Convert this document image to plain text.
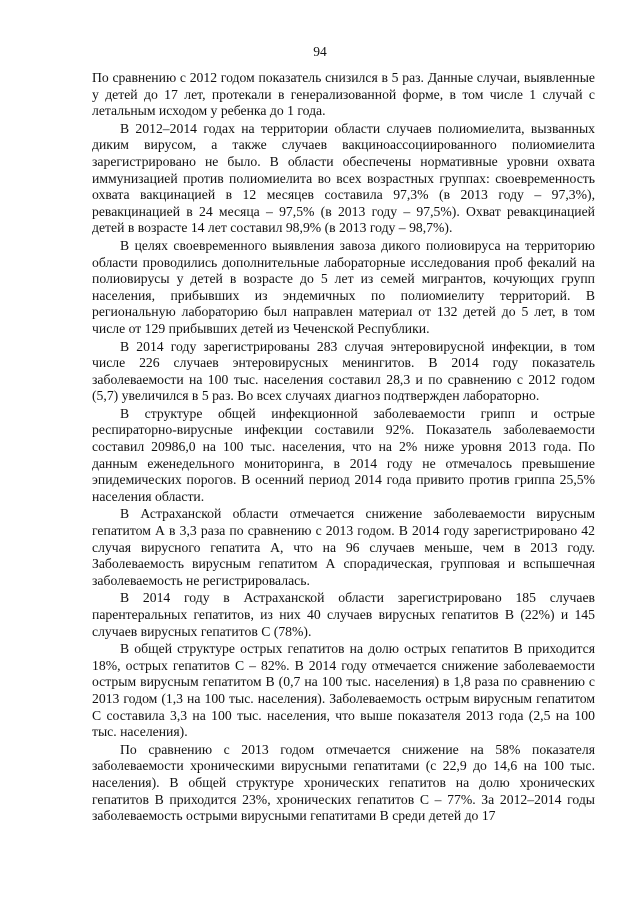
94

По сравнению с 2012 годом показатель снизился в 5 раз. Данные случаи, выявленные у детей до 17 лет, протекали в генерализованной форме, в том числе 1 случай с летальным исходом у ребенка до 1 года.

В 2012–2014 годах на территории области случаев полиомиелита, вызванных диким вирусом, а также случаев вакциноассоциированного полиомиелита зарегистрировано не было. В области обеспечены нормативные уровни охвата иммунизацией против полиомиелита во всех возрастных группах: своевременность охвата вакцинацией в 12 месяцев составила 97,3% (в 2013 году – 97,3%), ревакцинацией в 24 месяца – 97,5% (в 2013 году – 97,5%). Охват ревакцинацией детей в возрасте 14 лет составил 98,9% (в 2013 году – 98,7%).

В целях своевременного выявления завоза дикого полиовируса на территорию области проводились дополнительные лабораторные исследования проб фекалий на полиовирусы у детей в возрасте до 5 лет из семей мигрантов, кочующих групп населения, прибывших из эндемичных по полиомиелиту территорий. В региональную лабораторию был направлен материал от 132 детей до 5 лет, в том числе от 129 прибывших детей из Чеченской Республики.

В 2014 году зарегистрированы 283 случая энтеровирусной инфекции, в том числе 226 случаев энтеровирусных менингитов. В 2014 году показатель заболеваемости на 100 тыс. населения составил 28,3 и по сравнению с 2012 годом (5,7) увеличился в 5 раз. Во всех случаях диагноз подтвержден лабораторно.

В структуре общей инфекционной заболеваемости грипп и острые респираторно-вирусные инфекции составили 92%. Показатель заболеваемости составил 20986,0 на 100 тыс. населения, что на 2% ниже уровня 2013 года. По данным еженедельного мониторинга, в 2014 году не отмечалось превышение эпидемических порогов. В осенний период 2014 года привито против гриппа 25,5% населения области.

В Астраханской области отмечается снижение заболеваемости вирусным гепатитом А в 3,3 раза по сравнению с 2013 годом. В 2014 году зарегистрировано 42 случая вирусного гепатита А, что на 96 случаев меньше, чем в 2013 году. Заболеваемость вирусным гепатитом А спорадическая, групповая и вспышечная заболеваемость не регистрировалась.

В 2014 году в Астраханской области зарегистрировано 185 случаев парентеральных гепатитов, из них 40 случаев вирусных гепатитов В (22%) и 145 случаев вирусных гепатитов С (78%).

В общей структуре острых гепатитов на долю острых гепатитов В приходится 18%, острых гепатитов С – 82%. В 2014 году отмечается снижение заболеваемости острым вирусным гепатитом В (0,7 на 100 тыс. населения) в 1,8 раза по сравнению с 2013 годом (1,3 на 100 тыс. населения). Заболеваемость острым вирусным гепатитом С составила 3,3 на 100 тыс. населения, что выше показателя 2013 года (2,5 на 100 тыс. населения).

По сравнению с 2013 годом отмечается снижение на 58% показателя заболеваемости хроническими вирусными гепатитами (с 22,9 до 14,6 на 100 тыс. населения). В общей структуре хронических гепатитов на долю хронических гепатитов В приходится 23%, хронических гепатитов С – 77%. За 2012–2014 годы заболеваемость острыми вирусными гепатитами В среди детей до 17
